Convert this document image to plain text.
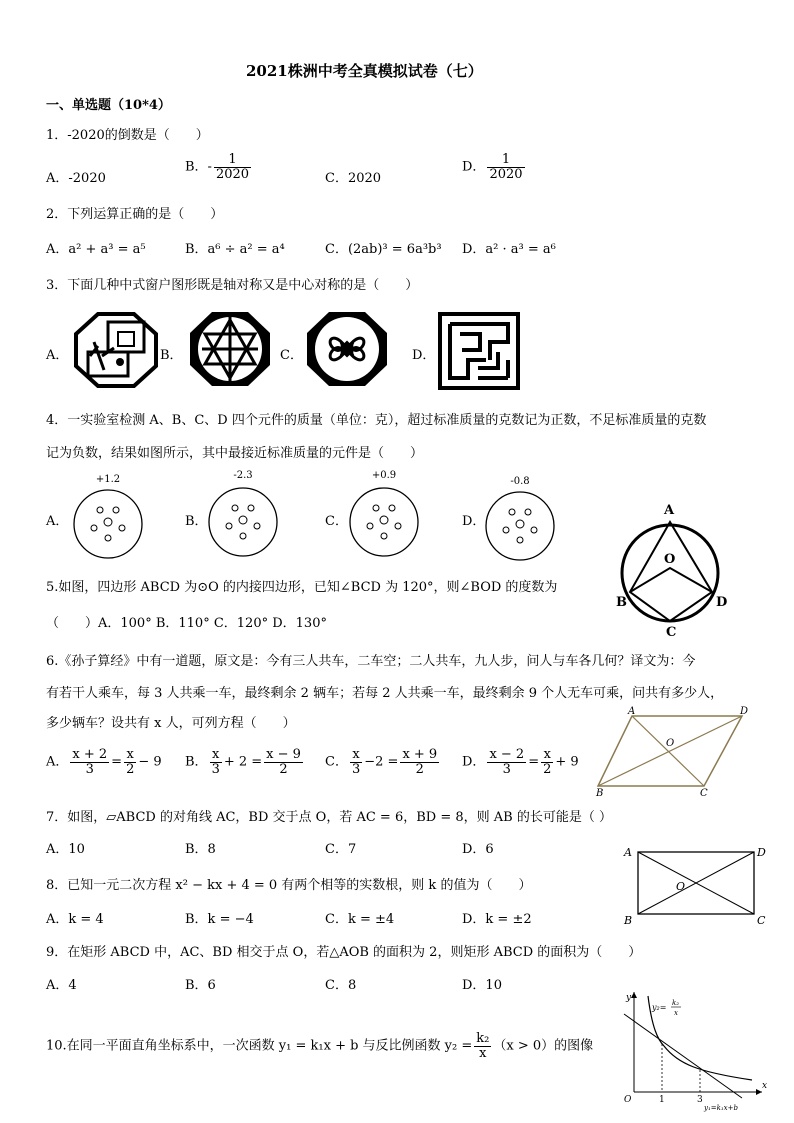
2021株洲中考全真模拟试卷（七）
一、单选题（10*4）
1．-2020的倒数是（　　）
A．-2020
B．- $\frac{1}{2020}$	C．2020
D． $\frac{1}{2020}$
2．下列运算正确的是（　　）
A．a² + a³ = a⁵	B．a⁶ ÷ a² = a⁴	C．(2ab)³ = 6a³b³ D．a² · a³ = a⁶
3．下面几种中式窗户图形既是轴对称又是中心对称的是（　　）
A．	B．	C．	D．
4．一实验室检测 A、B、C、D 四个元件的质量（单位：克），超过标准质量的克数记为正数，不足标准质量的克数
记为负数，结果如图所示，其中最接近标准质量的元件是（　　）
A．
+1.2
B．
-2.3
C．
+0.9
D．
-0.8
A
O
B	D
C
5.如图，四边形 ABCD 为⊙O 的内接四边形，已知∠BCD 为 120°，则∠BOD 的度数为
（　　）A．100° B．110° C．120° D．130°
6.《孙子算经》中有一道题，原文是：今有三人共车，二车空；二人共车，九人步，问人与车各几何？译文为：今
有若干人乘车，每 3 人共乘一车，最终剩余 2 辆车；若每 2 人共乘一车，最终剩余 9 个人无车可乘，问共有多少人，
多少辆车？设共有 x 人，可列方程（　　）
A	D
O
B	C
A． $\frac{x + 2}{3} = \frac{x}{2} - 9$ B． $\frac{x}{3} + 2 = \frac{x - 9}{2}$ C． $\frac{x}{3} -2 = \frac{x + 9}{2}$ D． $\frac{x - 2}{3} = \frac{x}{2} + 9$
7．如图，▱ABCD 的对角线 AC，BD 交于点 O，若 AC = 6，BD = 8，则 AB 的长可能是（ ）
A．10	B．8	C．7	D．6	A	D
O
B	C
8．已知一元二次方程 x² − kx + 4 = 0 有两个相等的实数根，则 k 的值为（　　）
A．k = 4	B．k = −4	C．k = ±4	D．k = ±2
9．在矩形 ABCD 中，AC、BD 相交于点 O，若△AOB 的面积为 2，则矩形 ABCD 的面积为（　　）
A．4	B．6	C．8	D．10
10.在同一平面直角坐标系中，一次函数 y₁ = k₁x + b 与反比例函数 $y_2 = \frac{\text{k₂}}{x} (x > 0)$的图像
y
x
O	1	3
y₂= k₂
x
y₁=k₁x+b
